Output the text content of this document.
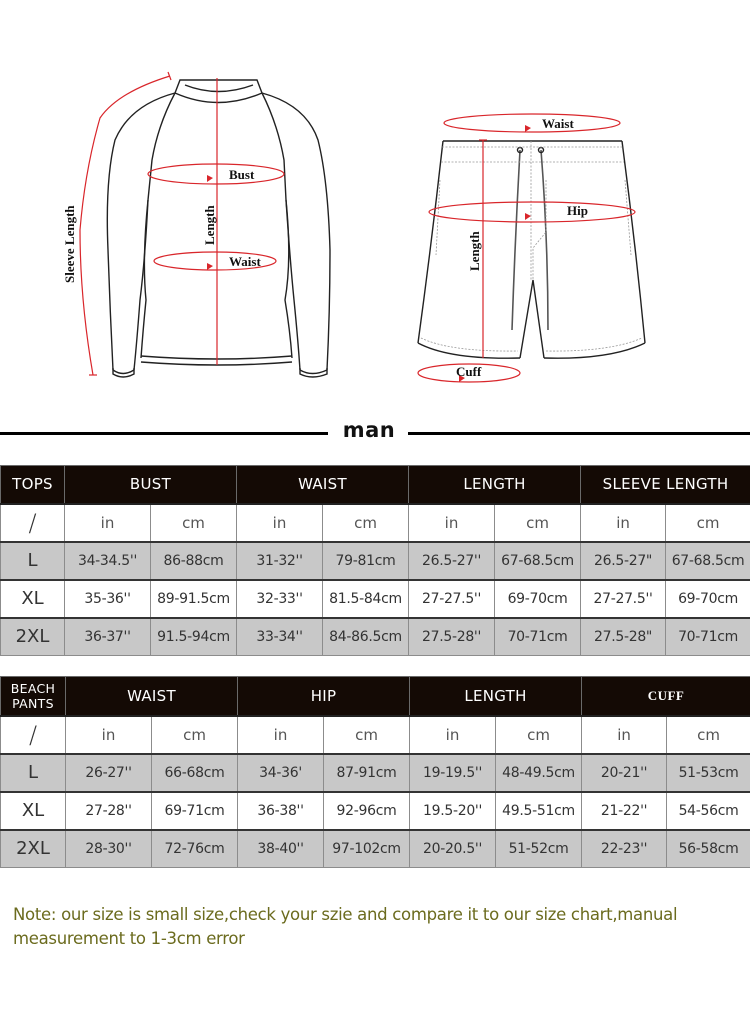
Bust
Waist
Length
Sleeve Length
Waist
Hip
Length
Cuff
man
TOPS	BUST		WAIST		LENGTH		SLEEVE LENGTH	
/	in	cm	in	cm	in	cm	in	cm
L	34-34.5''	86-88cm	31-32''	79-81cm	26.5-27''	67-68.5cm	26.5-27"	67-68.5cm
XL	35-36''	89-91.5cm	32-33''	81.5-84cm	27-27.5''	69-70cm	27-27.5''	69-70cm
2XL	36-37''	91.5-94cm	33-34''	84-86.5cm	27.5-28''	70-71cm	27.5-28"	70-71cm
BEACH
PANTS	WAIST		HIP		LENGTH		CUFF	
/	in	cm	in	cm	in	cm	in	cm
L	26-27''	66-68cm	34-36'	87-91cm	19-19.5''	48-49.5cm	20-21''	51-53cm
XL	27-28''	69-71cm	36-38''	92-96cm	19.5-20''	49.5-51cm	21-22''	54-56cm
2XL	28-30''	72-76cm	38-40''	97-102cm	20-20.5''	51-52cm	22-23''	56-58cm
Note: our size is small size,check your szie and compare it to our size chart,manual
measurement to 1-3cm error
